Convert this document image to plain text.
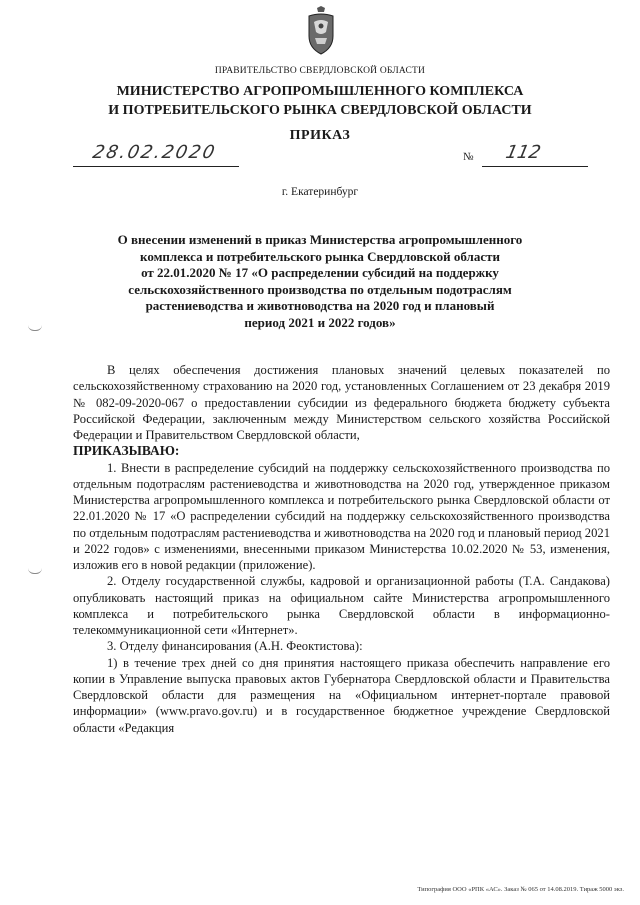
ПРАВИТЕЛЬСТВО СВЕРДЛОВСКОЙ ОБЛАСТИ
МИНИСТЕРСТВО АГРОПРОМЫШЛЕННОГО КОМПЛЕКСА
И ПОТРЕБИТЕЛЬСКОГО РЫНКА СВЕРДЛОВСКОЙ ОБЛАСТИ
ПРИКАЗ
28.02.2020	№ 112
г. Екатеринбург
О внесении изменений в приказ Министерства агропромышленного
комплекса и потребительского рынка Свердловской области
от 22.01.2020 № 17 «О распределении субсидий на поддержку
сельскохозяйственного производства по отдельным подотраслям
растениеводства и животноводства на 2020 год и плановый
период 2021 и 2022 годов»

В целях обеспечения достижения плановых значений целевых показателей по сельскохозяйственному страхованию на 2020 год, установленных Соглашением от 23 декабря 2019 № 082-09-2020-067 о предоставлении субсидии из федерального бюджета бюджету субъекта Российской Федерации, заключенным между Министерством сельского хозяйства Российской Федерации и Правительством Свердловской области,

ПРИКАЗЫВАЮ:

1. Внести в распределение субсидий на поддержку сельскохозяйственного производства по отдельным подотраслям растениеводства и животноводства на 2020 год, утвержденное приказом Министерства агропромышленного комплекса и потребительского рынка Свердловской области от 22.01.2020 № 17 «О распределении субсидий на поддержку сельскохозяйственного производства по отдельным подотраслям растениеводства и животноводства на 2020 год и плановый период 2021 и 2022 годов» с изменениями, внесенными приказом Министерства 10.02.2020 № 53, изменения, изложив его в новой редакции (приложение).

2. Отделу государственной службы, кадровой и организационной работы (Т.А. Сандакова) опубликовать настоящий приказ на официальном сайте Министерства агропромышленного комплекса и потребительского рынка Свердловской области в информационно-телекоммуникационной сети «Интернет».

3. Отделу финансирования (А.Н. Феоктистова):

1) в течение трех дней со дня принятия настоящего приказа обеспечить направление его копии в Управление выпуска правовых актов Губернатора Свердловской области и Правительства Свердловской области для размещения на «Официальном интернет-портале правовой информации» (www.pravo.gov.ru) и в государственное бюджетное учреждение Свердловской области «Редакция

Типография ООО «РПК «АС». Заказ № 065 от 14.08.2019. Тираж 5000 экз.
